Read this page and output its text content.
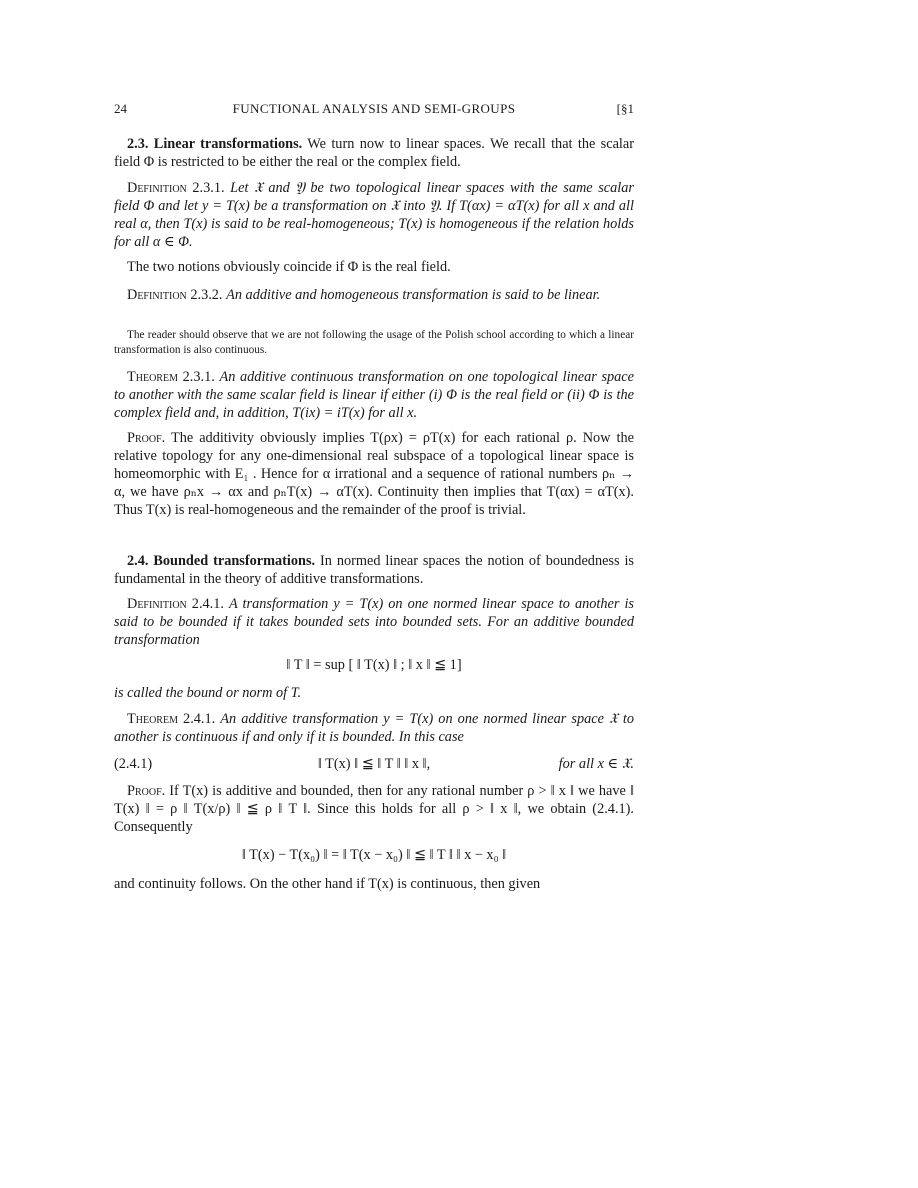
24	FUNCTIONAL ANALYSIS AND SEMI-GROUPS	[§1

2.3. Linear transformations. We turn now to linear spaces. We recall that the scalar field Φ is restricted to be either the real or the complex field.

Definition 2.3.1. Let 𝔛 and 𝔜 be two topological linear spaces with the same scalar field Φ and let y = T(x) be a transformation on 𝔛 into 𝔜. If T(αx) = αT(x) for all x and all real α, then T(x) is said to be real-homogeneous; T(x) is homogeneous if the relation holds for all α ∈ Φ.

The two notions obviously coincide if Φ is the real field.

Definition 2.3.2. An additive and homogeneous transformation is said to be linear.

The reader should observe that we are not following the usage of the Polish school according to which a linear transformation is also continuous.

Theorem 2.3.1. An additive continuous transformation on one topological linear space to another with the same scalar field is linear if either (i) Φ is the real field or (ii) Φ is the complex field and, in addition, T(ix) = iT(x) for all x.

Proof. The additivity obviously implies T(ρx) = ρT(x) for each rational ρ. Now the relative topology for any one-dimensional real subspace of a topological linear space is homeomorphic with E₁ . Hence for α irrational and a sequence of rational numbers ρₙ → α, we have ρₙx → αx and ρₙT(x) → αT(x). Continuity then implies that T(αx) = αT(x). Thus T(x) is real-homogeneous and the remainder of the proof is trivial.

2.4. Bounded transformations. In normed linear spaces the notion of boundedness is fundamental in the theory of additive transformations.

Definition 2.4.1. A transformation y = T(x) on one normed linear space to another is said to be bounded if it takes bounded sets into bounded sets. For an additive bounded transformation

‖ T ‖ = sup [ ‖ T(x) ‖ ; ‖ x ‖ ≦ 1]

is called the bound or norm of T.

Theorem 2.4.1. An additive transformation y = T(x) on one normed linear space 𝔛 to another is continuous if and only if it is bounded. In this case

(2.4.1)	‖ T(x) ‖ ≦ ‖ T ‖ ‖ x ‖,	for all x ∈ 𝔛.

Proof. If T(x) is additive and bounded, then for any rational number ρ > ‖ x ‖ we have ‖ T(x) ‖ = ρ ‖ T(x/ρ) ‖ ≦ ρ ‖ T ‖. Since this holds for all ρ > ‖ x ‖, we obtain (2.4.1). Consequently

‖ T(x) − T(x₀) ‖ = ‖ T(x − x₀) ‖ ≦ ‖ T ‖ ‖ x − x₀ ‖

and continuity follows. On the other hand if T(x) is continuous, then given
